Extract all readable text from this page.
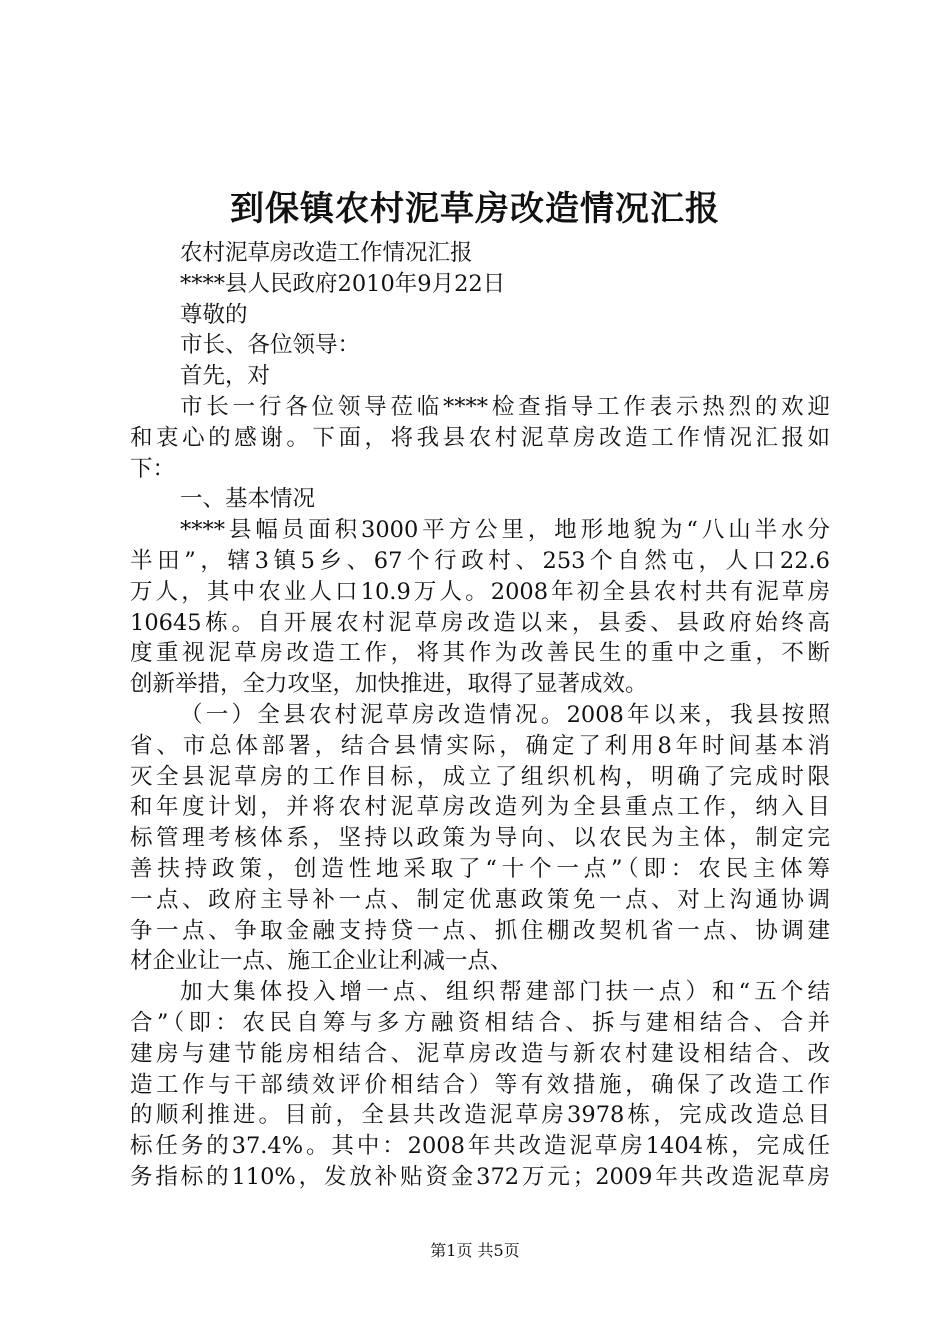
到保镇农村泥草房改造情况汇报
农村泥草房改造工作情况汇报
****县人民政府2010年9月22日
尊敬的
市长、各位领导：
首先，对
市长一行各位领导莅临****检查指导工作表示热烈的欢迎
和衷心的感谢。下面，将我县农村泥草房改造工作情况汇报如
下：
一、基本情况
****县幅员面积3000平方公里，地形地貌为“八山半水分
半田”，辖3镇5乡、67个行政村、253个自然屯，人口22.6
万人，其中农业人口10.9万人。2008年初全县农村共有泥草房
10645栋。自开展农村泥草房改造以来，县委、县政府始终高
度重视泥草房改造工作，将其作为改善民生的重中之重，不断
创新举措，全力攻坚，加快推进，取得了显著成效。
（一）全县农村泥草房改造情况。2008年以来，我县按照
省、市总体部署，结合县情实际，确定了利用8年时间基本消
灭全县泥草房的工作目标，成立了组织机构，明确了完成时限
和年度计划，并将农村泥草房改造列为全县重点工作，纳入目
标管理考核体系，坚持以政策为导向、以农民为主体，制定完
善扶持政策，创造性地采取了“十个一点”（即：农民主体筹
一点、政府主导补一点、制定优惠政策免一点、对上沟通协调
争一点、争取金融支持贷一点、抓住棚改契机省一点、协调建
材企业让一点、施工企业让利减一点、
加大集体投入增一点、组织帮建部门扶一点）和“五个结
合”（即：农民自筹与多方融资相结合、拆与建相结合、合并
建房与建节能房相结合、泥草房改造与新农村建设相结合、改
造工作与干部绩效评价相结合）等有效措施，确保了改造工作
的顺利推进。目前，全县共改造泥草房3978栋，完成改造总目
标任务的37.4%。其中：2008年共改造泥草房1404栋，完成任
务指标的110%，发放补贴资金372万元；2009年共改造泥草房
第1页 共5页
